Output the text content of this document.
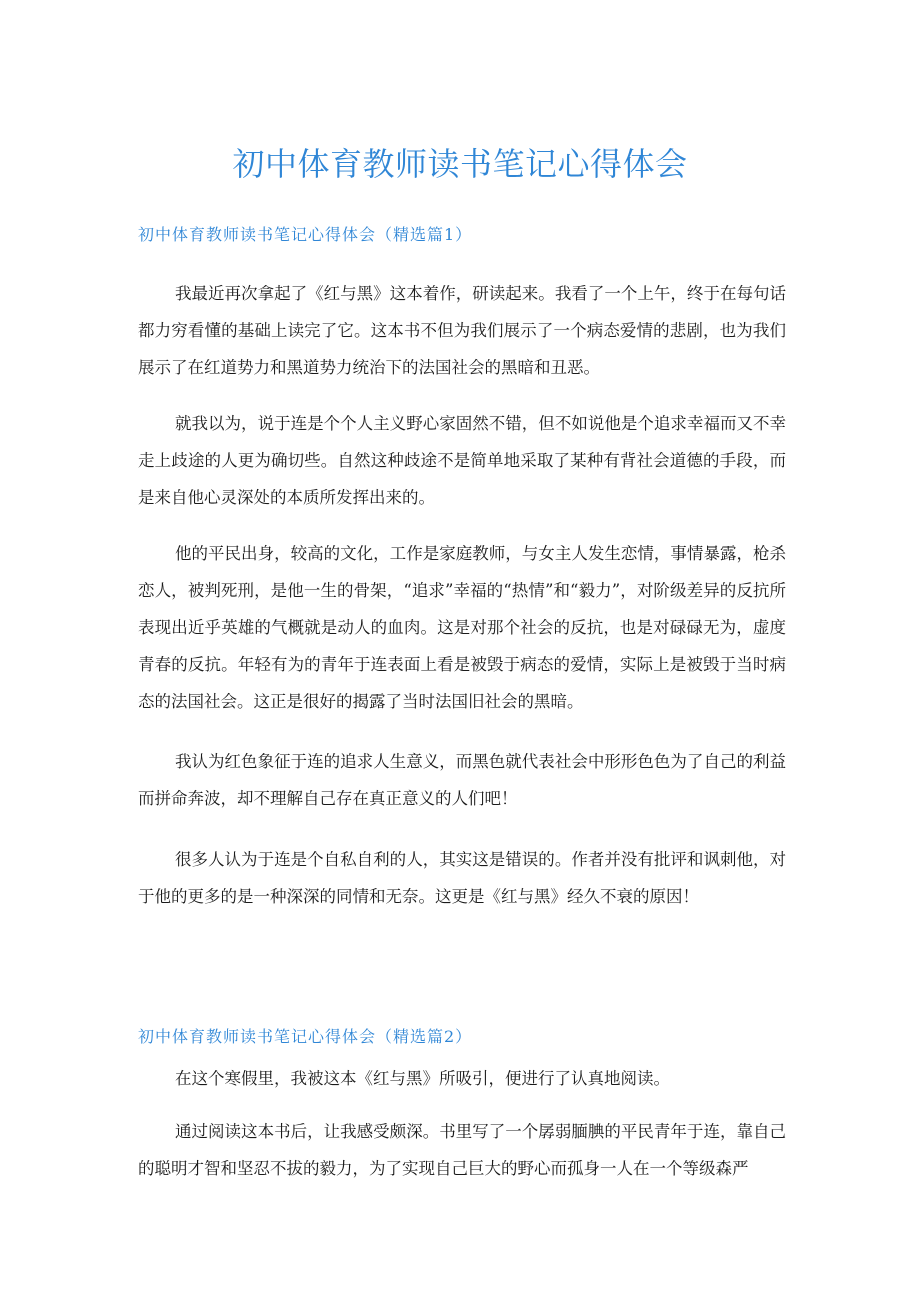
初中体育教师读书笔记心得体会
初中体育教师读书笔记心得体会（精选篇1）

我最近再次拿起了《红与黑》这本着作，研读起来。我看了一个上午，终于在每句话都力穷看懂的基础上读完了它。这本书不但为我们展示了一个病态爱情的悲剧，也为我们展示了在红道势力和黑道势力统治下的法国社会的黑暗和丑恶。

就我以为，说于连是个个人主义野心家固然不错，但不如说他是个追求幸福而又不幸走上歧途的人更为确切些。自然这种歧途不是简单地采取了某种有背社会道德的手段，而是来自他心灵深处的本质所发挥出来的。

他的平民出身，较高的文化，工作是家庭教师，与女主人发生恋情，事情暴露，枪杀恋人，被判死刑，是他一生的骨架，“追求”幸福的“热情”和“毅力”，对阶级差异的反抗所表现出近乎英雄的气概就是动人的血肉。这是对那个社会的反抗，也是对碌碌无为，虚度青春的反抗。年轻有为的青年于连表面上看是被毁于病态的爱情，实际上是被毁于当时病态的法国社会。这正是很好的揭露了当时法国旧社会的黑暗。

我认为红色象征于连的追求人生意义，而黑色就代表社会中形形色色为了自己的利益而拼命奔波，却不理解自己存在真正意义的人们吧！

很多人认为于连是个自私自利的人，其实这是错误的。作者并没有批评和讽刺他，对于他的更多的是一种深深的同情和无奈。这更是《红与黑》经久不衰的原因！

初中体育教师读书笔记心得体会（精选篇2）

在这个寒假里，我被这本《红与黑》所吸引，便进行了认真地阅读。

通过阅读这本书后，让我感受颇深。书里写了一个孱弱腼腆的平民青年于连，靠自己的聪明才智和坚忍不拔的毅力，为了实现自己巨大的野心而孤身一人在一个等级森严
